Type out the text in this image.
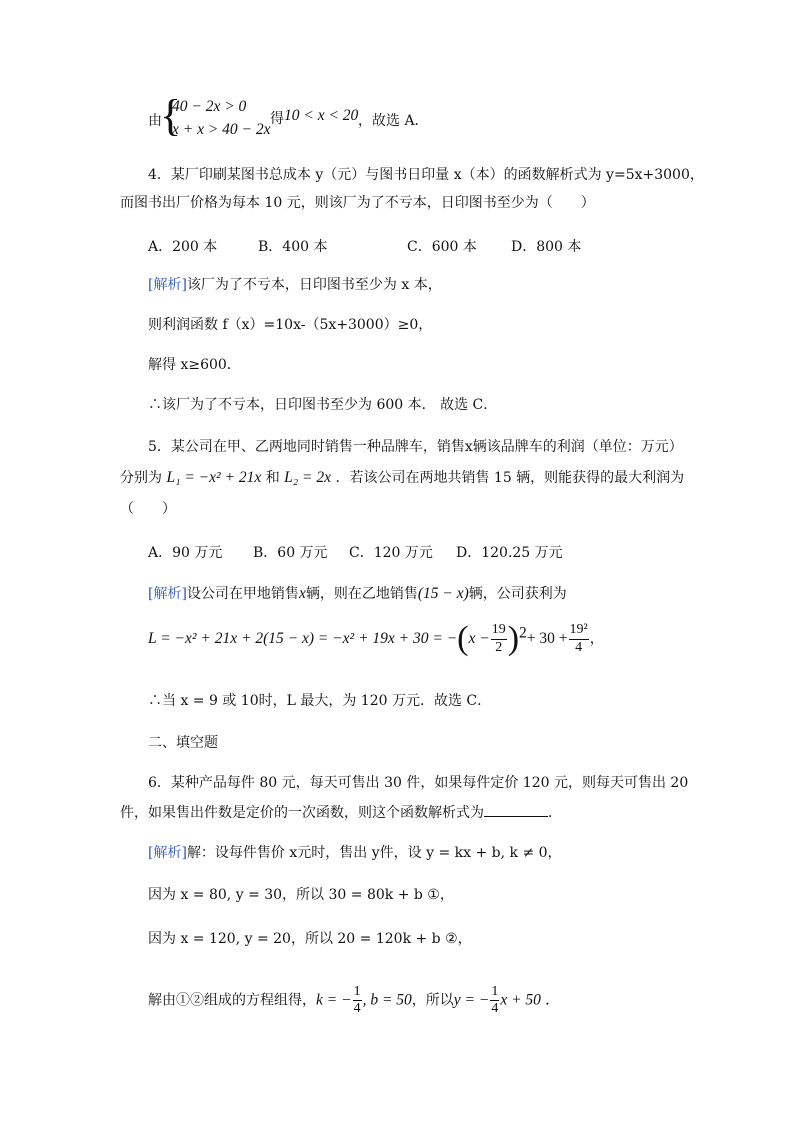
由
{
40 − 2x > 0
x + x > 40 − 2x
得 10 < x < 20 ，故选 A．
4．某厂印刷某图书总成本 y（元）与图书日印量 x（本）的函数解析式为 y=5x+3000，
而图书出厂价格为每本 10 元，则该厂为了不亏本，日印图书至少为（　　）
A．200 本	B．400 本	C．600 本 D．800 本
[解析]该厂为了不亏本，日印图书至少为 x 本，
则利润函数 f（x）=10x-（5x+3000）≥0，
解得 x≥600．
∴该厂为了不亏本，日印图书至少为 600 本． 故选 C．
5．某公司在甲、乙两地同时销售一种品牌车，销售x辆该品牌车的利润（单位：万元）
分别为 L₁ = −x² + 21x 和 L₂ = 2x ．若该公司在两地共销售 15 辆，则能获得的最大利润为
（　　）
A．90 万元 B．60 万元 C．120 万元 D．120.25 万元
[解析]设公司在甲地销售x辆，则在乙地销售(15 − x)辆，公司获利为
$L = -x^2 + 21x + 2(15 - x) = -x^2 + 19x + 30 = -(x - \frac{19}{2} )^2+ 30 + \frac{\text{19²}}{4}$ ，
∴当 x = 9 或 10时，L 最大，为 120 万元．故选 C．
二、填空题
6．某种产品每件 80 元，每天可售出 30 件，如果每件定价 120 元，则每天可售出 20
件，如果售出件数是定价的一次函数，则这个函数解析式为	．
[解析]解：设每件售价 x元时，售出 y件，设 y = kx + b, k ≠ 0，
因为 x = 80, y = 30，所以 30 = 80k + b ①，
因为 x = 120, y = 20，所以 20 = 120k + b ②，
解由①②组成的方程组得，k = − $\frac{1}{4}$ , b = 50，所以y = − $\frac{1}{4}$ x + 50 ．
